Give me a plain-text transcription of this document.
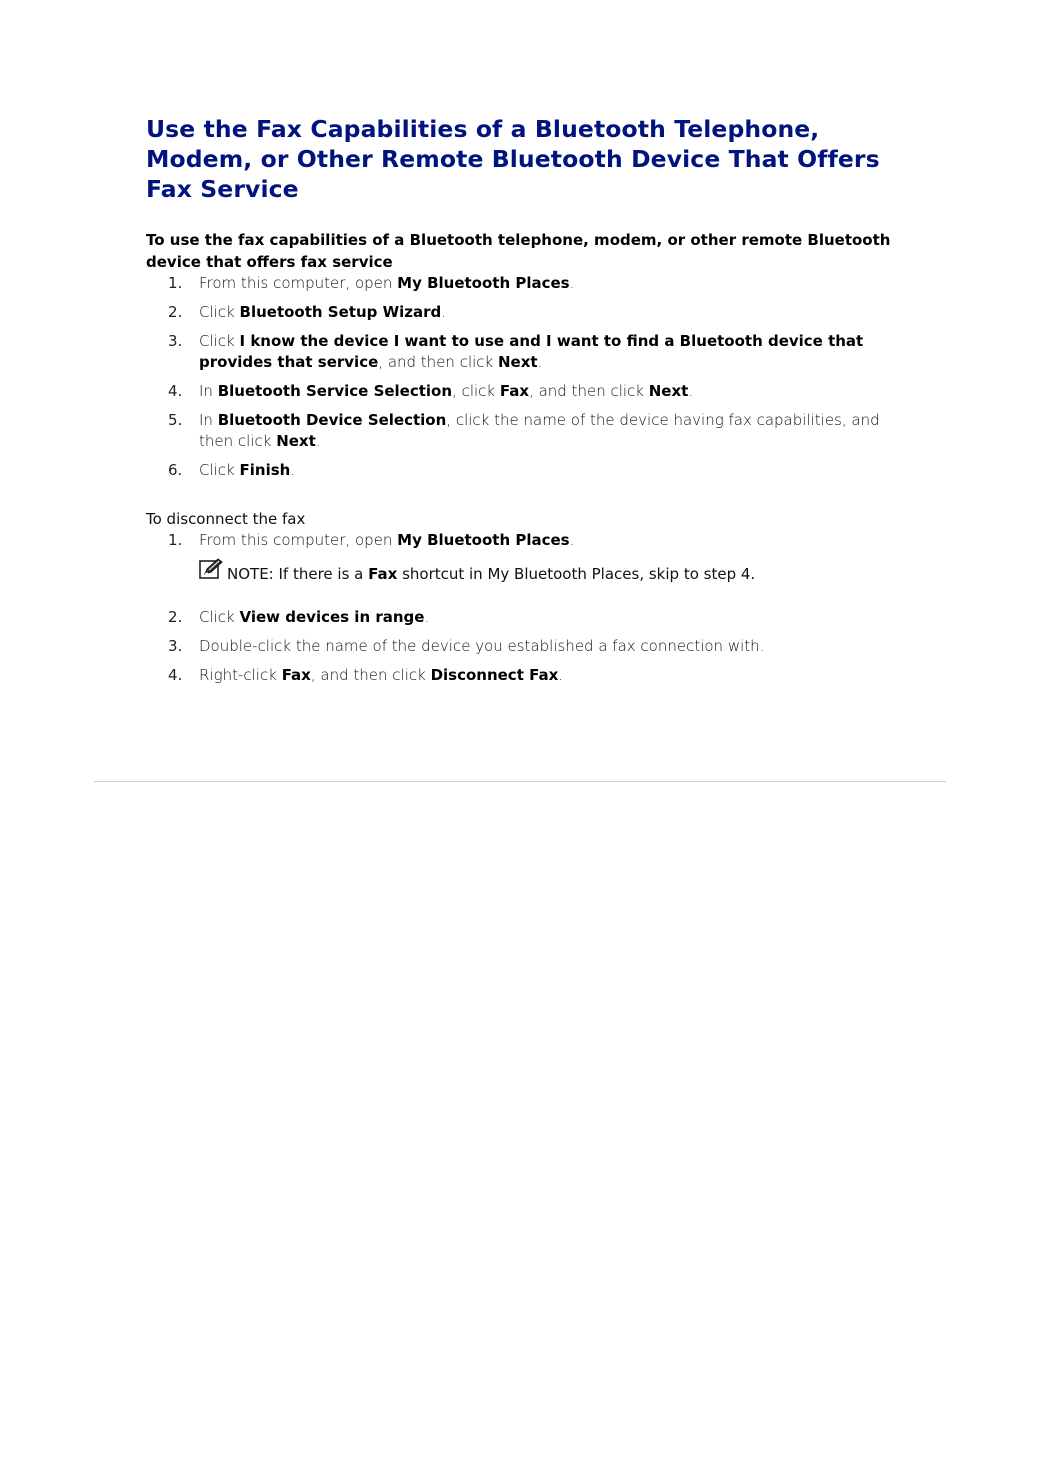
Use the Fax Capabilities of a Bluetooth Telephone, Modem, or Other Remote Bluetooth Device That Offers Fax Service

To use the fax capabilities of a Bluetooth telephone, modem, or other remote Bluetooth device that offers fax service

1. From this computer, open My Bluetooth Places.
2. Click Bluetooth Setup Wizard.
3. Click I know the device I want to use and I want to find a Bluetooth device that provides that service, and then click Next.
4. In Bluetooth Service Selection, click Fax, and then click Next.
5. In Bluetooth Device Selection, click the name of the device having fax capabilities, and then click Next.
6. Click Finish.

To disconnect the fax

1. From this computer, open My Bluetooth Places.
NOTE: If there is a Fax shortcut in My Bluetooth Places, skip to step 4.
2. Click View devices in range.
3. Double-click the name of the device you established a fax connection with.
4. Right-click Fax, and then click Disconnect Fax.
